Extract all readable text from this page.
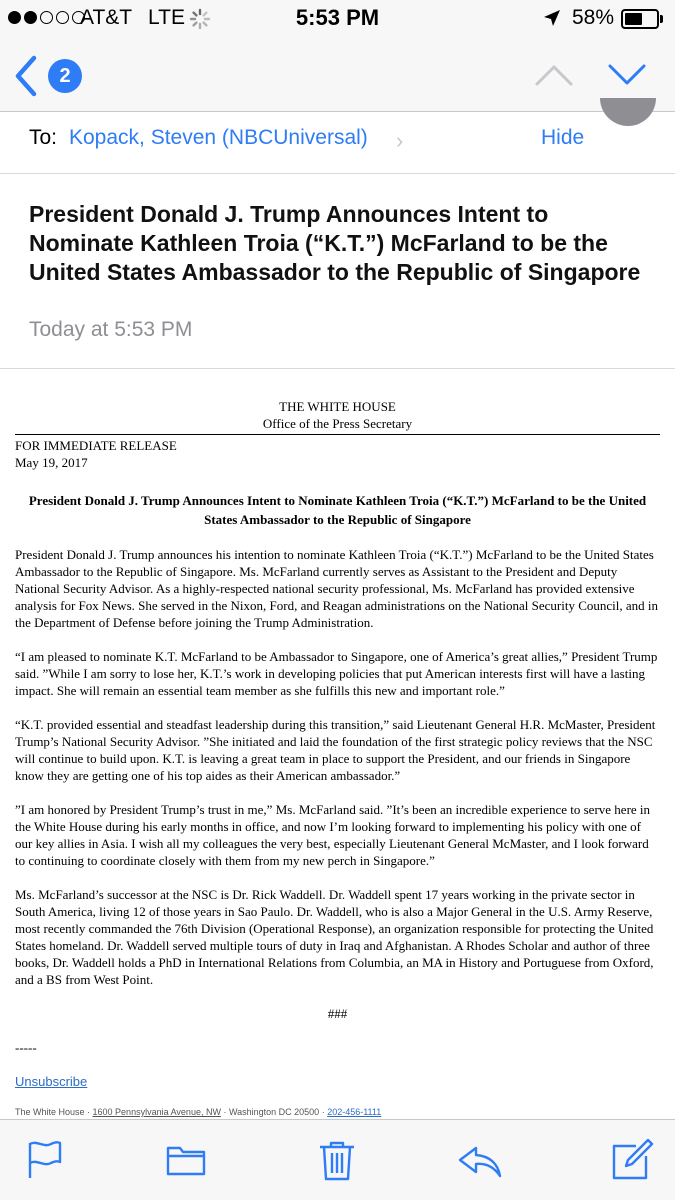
AT&T LTE	5:53 PM	58%
2
To: Kopack, Steven (NBCUniversal) ›	Hide
President Donald J. Trump Announces Intent to Nominate Kathleen Troia (“K.T.”) McFarland to be the United States Ambassador to the Republic of Singapore
Today at 5:53 PM
THE WHITE HOUSE
Office of the Press Secretary
FOR IMMEDIATE RELEASE
May 19, 2017
President Donald J. Trump Announces Intent to Nominate Kathleen Troia (“K.T.”) McFarland to be the United States Ambassador to the Republic of Singapore
President Donald J. Trump announces his intention to nominate Kathleen Troia (“K.T.”) McFarland to be the United States Ambassador to the Republic of Singapore. Ms. McFarland currently serves as Assistant to the President and Deputy National Security Advisor. As a highly-respected national security professional, Ms. McFarland has provided extensive analysis for Fox News. She served in the Nixon, Ford, and Reagan administrations on the National Security Council, and in the Department of Defense before joining the Trump Administration.
“I am pleased to nominate K.T. McFarland to be Ambassador to Singapore, one of America’s great allies,” President Trump said. ”While I am sorry to lose her, K.T.’s work in developing policies that put American interests first will have a lasting impact. She will remain an essential team member as she fulfills this new and important role.”
“K.T. provided essential and steadfast leadership during this transition,” said Lieutenant General H.R. McMaster, President Trump’s National Security Advisor. ”She initiated and laid the foundation of the first strategic policy reviews that the NSC will continue to build upon. K.T. is leaving a great team in place to support the President, and our friends in Singapore know they are getting one of his top aides as their American ambassador.”
”I am honored by President Trump’s trust in me,” Ms. McFarland said. ”It’s been an incredible experience to serve here in the White House during his early months in office, and now I’m looking forward to implementing his policy with one of our key allies in Asia. I wish all my colleagues the very best, especially Lieutenant General McMaster, and I look forward to continuing to coordinate closely with them from my new perch in Singapore.”
Ms. McFarland’s successor at the NSC is Dr. Rick Waddell. Dr. Waddell spent 17 years working in the private sector in South America, living 12 of those years in Sao Paulo. Dr. Waddell, who is also a Major General in the U.S. Army Reserve, most recently commanded the 76th Division (Operational Response), an organization responsible for protecting the United States homeland. Dr. Waddell served multiple tours of duty in Iraq and Afghanistan. A Rhodes Scholar and author of three books, Dr. Waddell holds a PhD in International Relations from Columbia, an MA in History and Portuguese from Oxford, and a BS from West Point.
###
-----
Unsubscribe
The White House · 1600 Pennsylvania Avenue, NW · Washington DC 20500 · 202-456-1111
